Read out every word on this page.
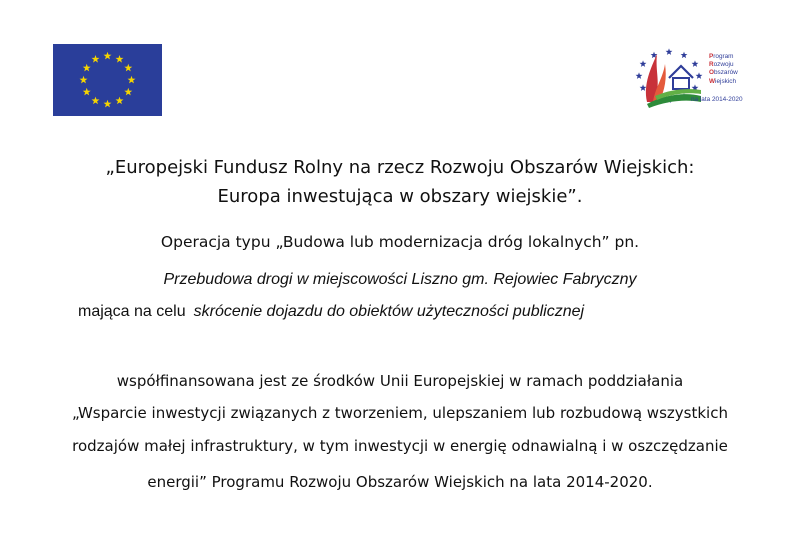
Program
Rozwoju
Obszarów
Wiejskich
na lata 2014-2020
„Europejski Fundusz Rolny na rzecz Rozwoju Obszarów Wiejskich:
Europa inwestująca w obszary wiejskie”.
Operacja typu „Budowa lub modernizacja dróg lokalnych” pn.
Przebudowa drogi w miejscowości Liszno gm. Rejowiec Fabryczny
mająca na celu skrócenie dojazdu do obiektów użyteczności publicznej
współfinansowana jest ze środków Unii Europejskiej w ramach poddziałania
„Wsparcie inwestycji związanych z tworzeniem, ulepszaniem lub rozbudową wszystkich
rodzajów małej infrastruktury, w tym inwestycji w energię odnawialną i w oszczędzanie
energii” Programu Rozwoju Obszarów Wiejskich na lata 2014-2020.
